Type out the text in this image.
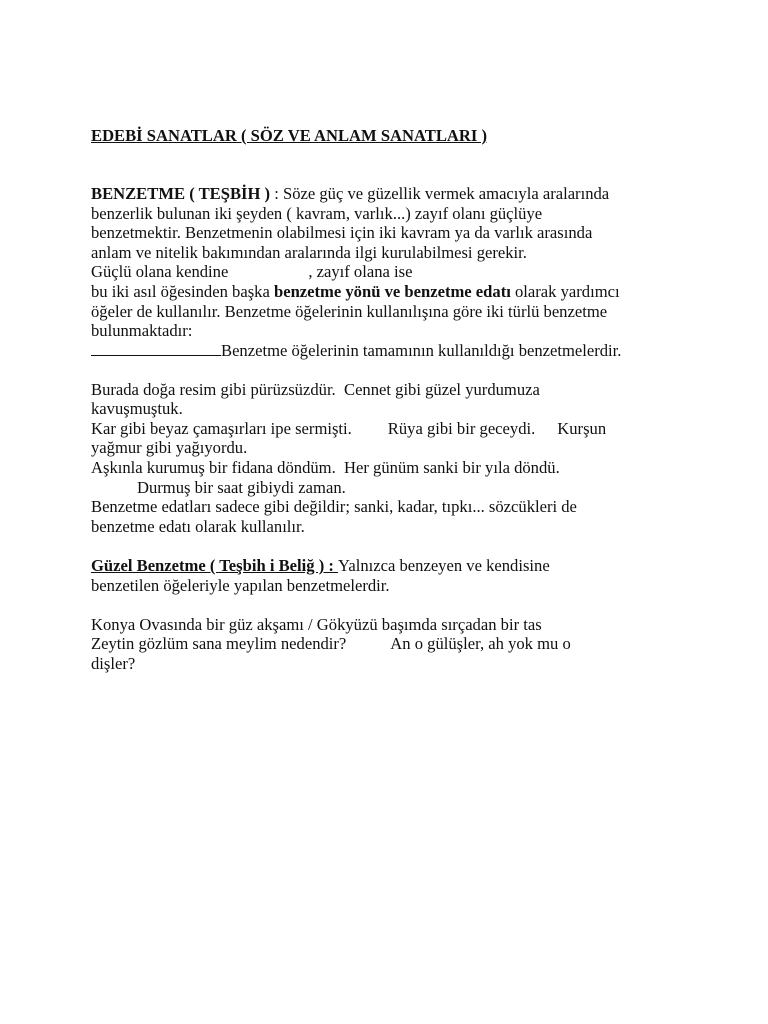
EDEBİ SANATLAR ( SÖZ VE ANLAM SANATLARI )
BENZETME ( TEŞBİH ) : Söze güç ve güzellik vermek amacıyla aralarında
benzerlik bulunan iki şeyden ( kavram, varlık...) zayıf olanı güçlüye
benzetmektir. Benzetmenin olabilmesi için iki kavram ya da varlık arasında
anlam ve nitelik bakımından aralarında ilgi kurulabilmesi gerekir.
Güçlü olana kendine	, zayıf olana ise
bu iki asıl öğesinden başka benzetme yönü ve benzetme edatı olarak yardımcı
öğeler de kullanılır. Benzetme öğelerinin kullanılışına göre iki türlü benzetme
bulunmaktadır:
Benzetme öğelerinin tamamının kullanıldığı benzetmelerdir.
Burada doğa resim gibi pürüzsüzdür. Cennet gibi güzel yurdumuza
kavuşmuştuk.
Kar gibi beyaz çamaşırları ipe sermişti. Rüya gibi bir geceydi. Kurşun
yağmur gibi yağıyordu.
Aşkınla kurumuş bir fidana döndüm. Her günüm sanki bir yıla döndü.
Durmuş bir saat gibiydi zaman.
Benzetme edatları sadece gibi değildir; sanki, kadar, tıpkı... sözcükleri de
benzetme edatı olarak kullanılır.
Güzel Benzetme ( Teşbih i Beliğ ) : Yalnızca benzeyen ve kendisine
benzetilen öğeleriyle yapılan benzetmelerdir.
Konya Ovasında bir güz akşamı / Gökyüzü başımda sırçadan bir tas
Zeytin gözlüm sana meylim nedendir?	An o gülüşler, ah yok mu o
dişler?
